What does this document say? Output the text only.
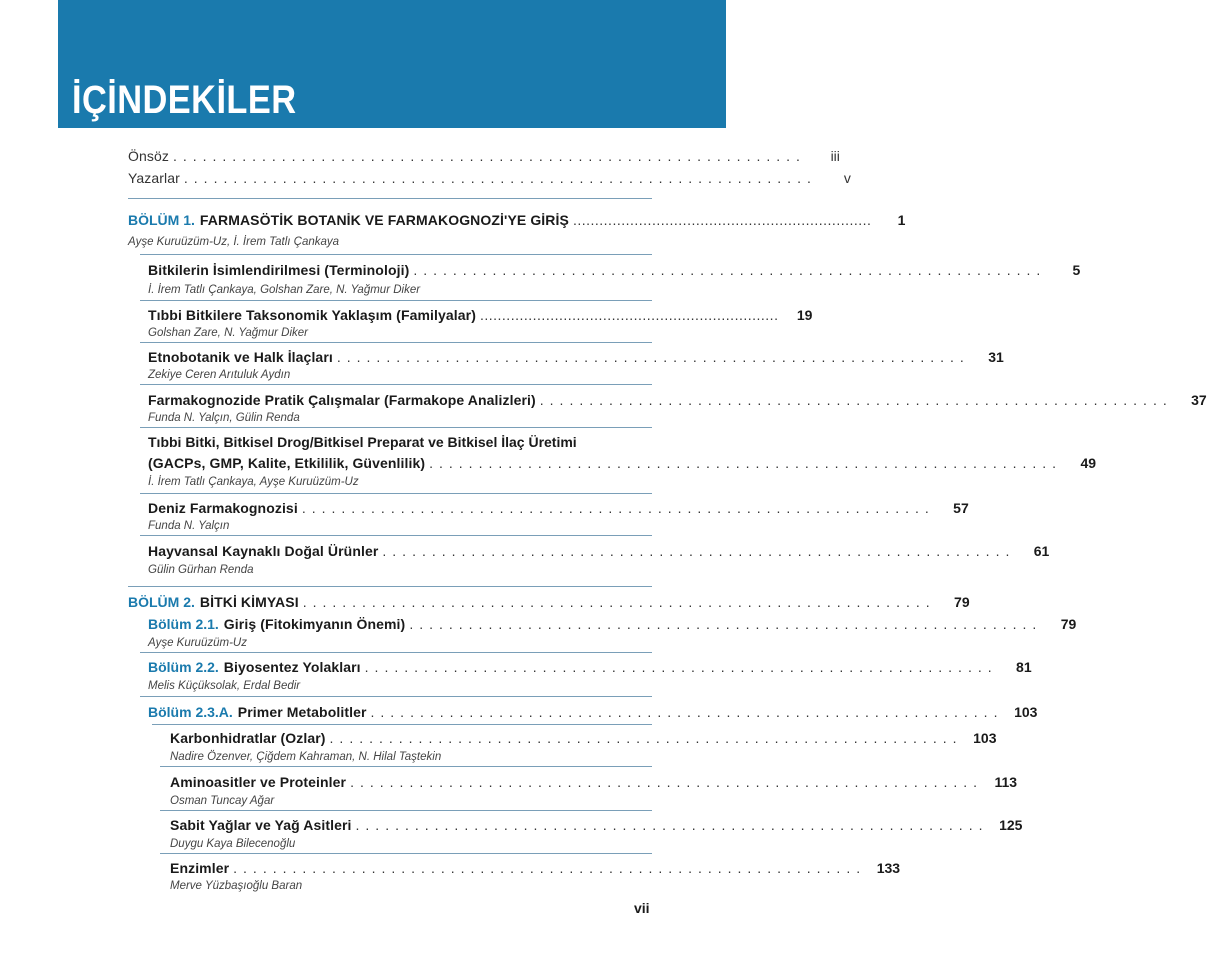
İÇİNDEKİLER
Önsöz ................................................................	iii
Yazarlar ................................................................	v
BÖLÜM 1. FARMASÖTİK BOTANİK VE FARMAKOGNOZİ'YE GİRİŞ ....................................................................	1
Ayşe Kuruüzüm-Uz, İ. İrem Tatlı Çankaya
Bitkilerin İsimlendirilmesi (Terminoloji) ................................................................	5
İ. İrem Tatlı Çankaya, Golshan Zare, N. Yağmur Diker
Tıbbi Bitkilere Taksonomik Yaklaşım (Familyalar) ....................................................................	19
Golshan Zare, N. Yağmur Diker
Etnobotanik ve Halk İlaçları ................................................................	31
Zekiye Ceren Arıtuluk Aydın
Farmakognozide Pratik Çalışmalar (Farmakope Analizleri) ................................................................	37
Funda N. Yalçın, Gülin Renda
Tıbbi Bitki, Bitkisel Drog/Bitkisel Preparat ve Bitkisel İlaç Üretimi
(GACPs, GMP, Kalite, Etkililik, Güvenlilik) ................................................................	49
İ. İrem Tatlı Çankaya, Ayşe Kuruüzüm-Uz
Deniz Farmakognozisi ................................................................	57
Funda N. Yalçın
Hayvansal Kaynaklı Doğal Ürünler ................................................................	61
Gülin Gürhan Renda
BÖLÜM 2. BİTKİ KİMYASI ................................................................	79
Bölüm 2.1. Giriş (Fitokimyanın Önemi) ................................................................	79
Ayşe Kuruüzüm-Uz
Bölüm 2.2. Biyosentez Yolakları ................................................................	81
Melis Küçüksolak, Erdal Bedir
Bölüm 2.3.A. Primer Metabolitler ................................................................ 103
Karbonhidratlar (Ozlar) ................................................................ 103
Nadire Özenver, Çiğdem Kahraman, N. Hilal Taştekin
Aminoasitler ve Proteinler ................................................................ 113
Osman Tuncay Ağar
Sabit Yağlar ve Yağ Asitleri ................................................................ 125
Duygu Kaya Bilecenoğlu
Enzimler ................................................................ 133
Merve Yüzbaşıoğlu Baran
vii
